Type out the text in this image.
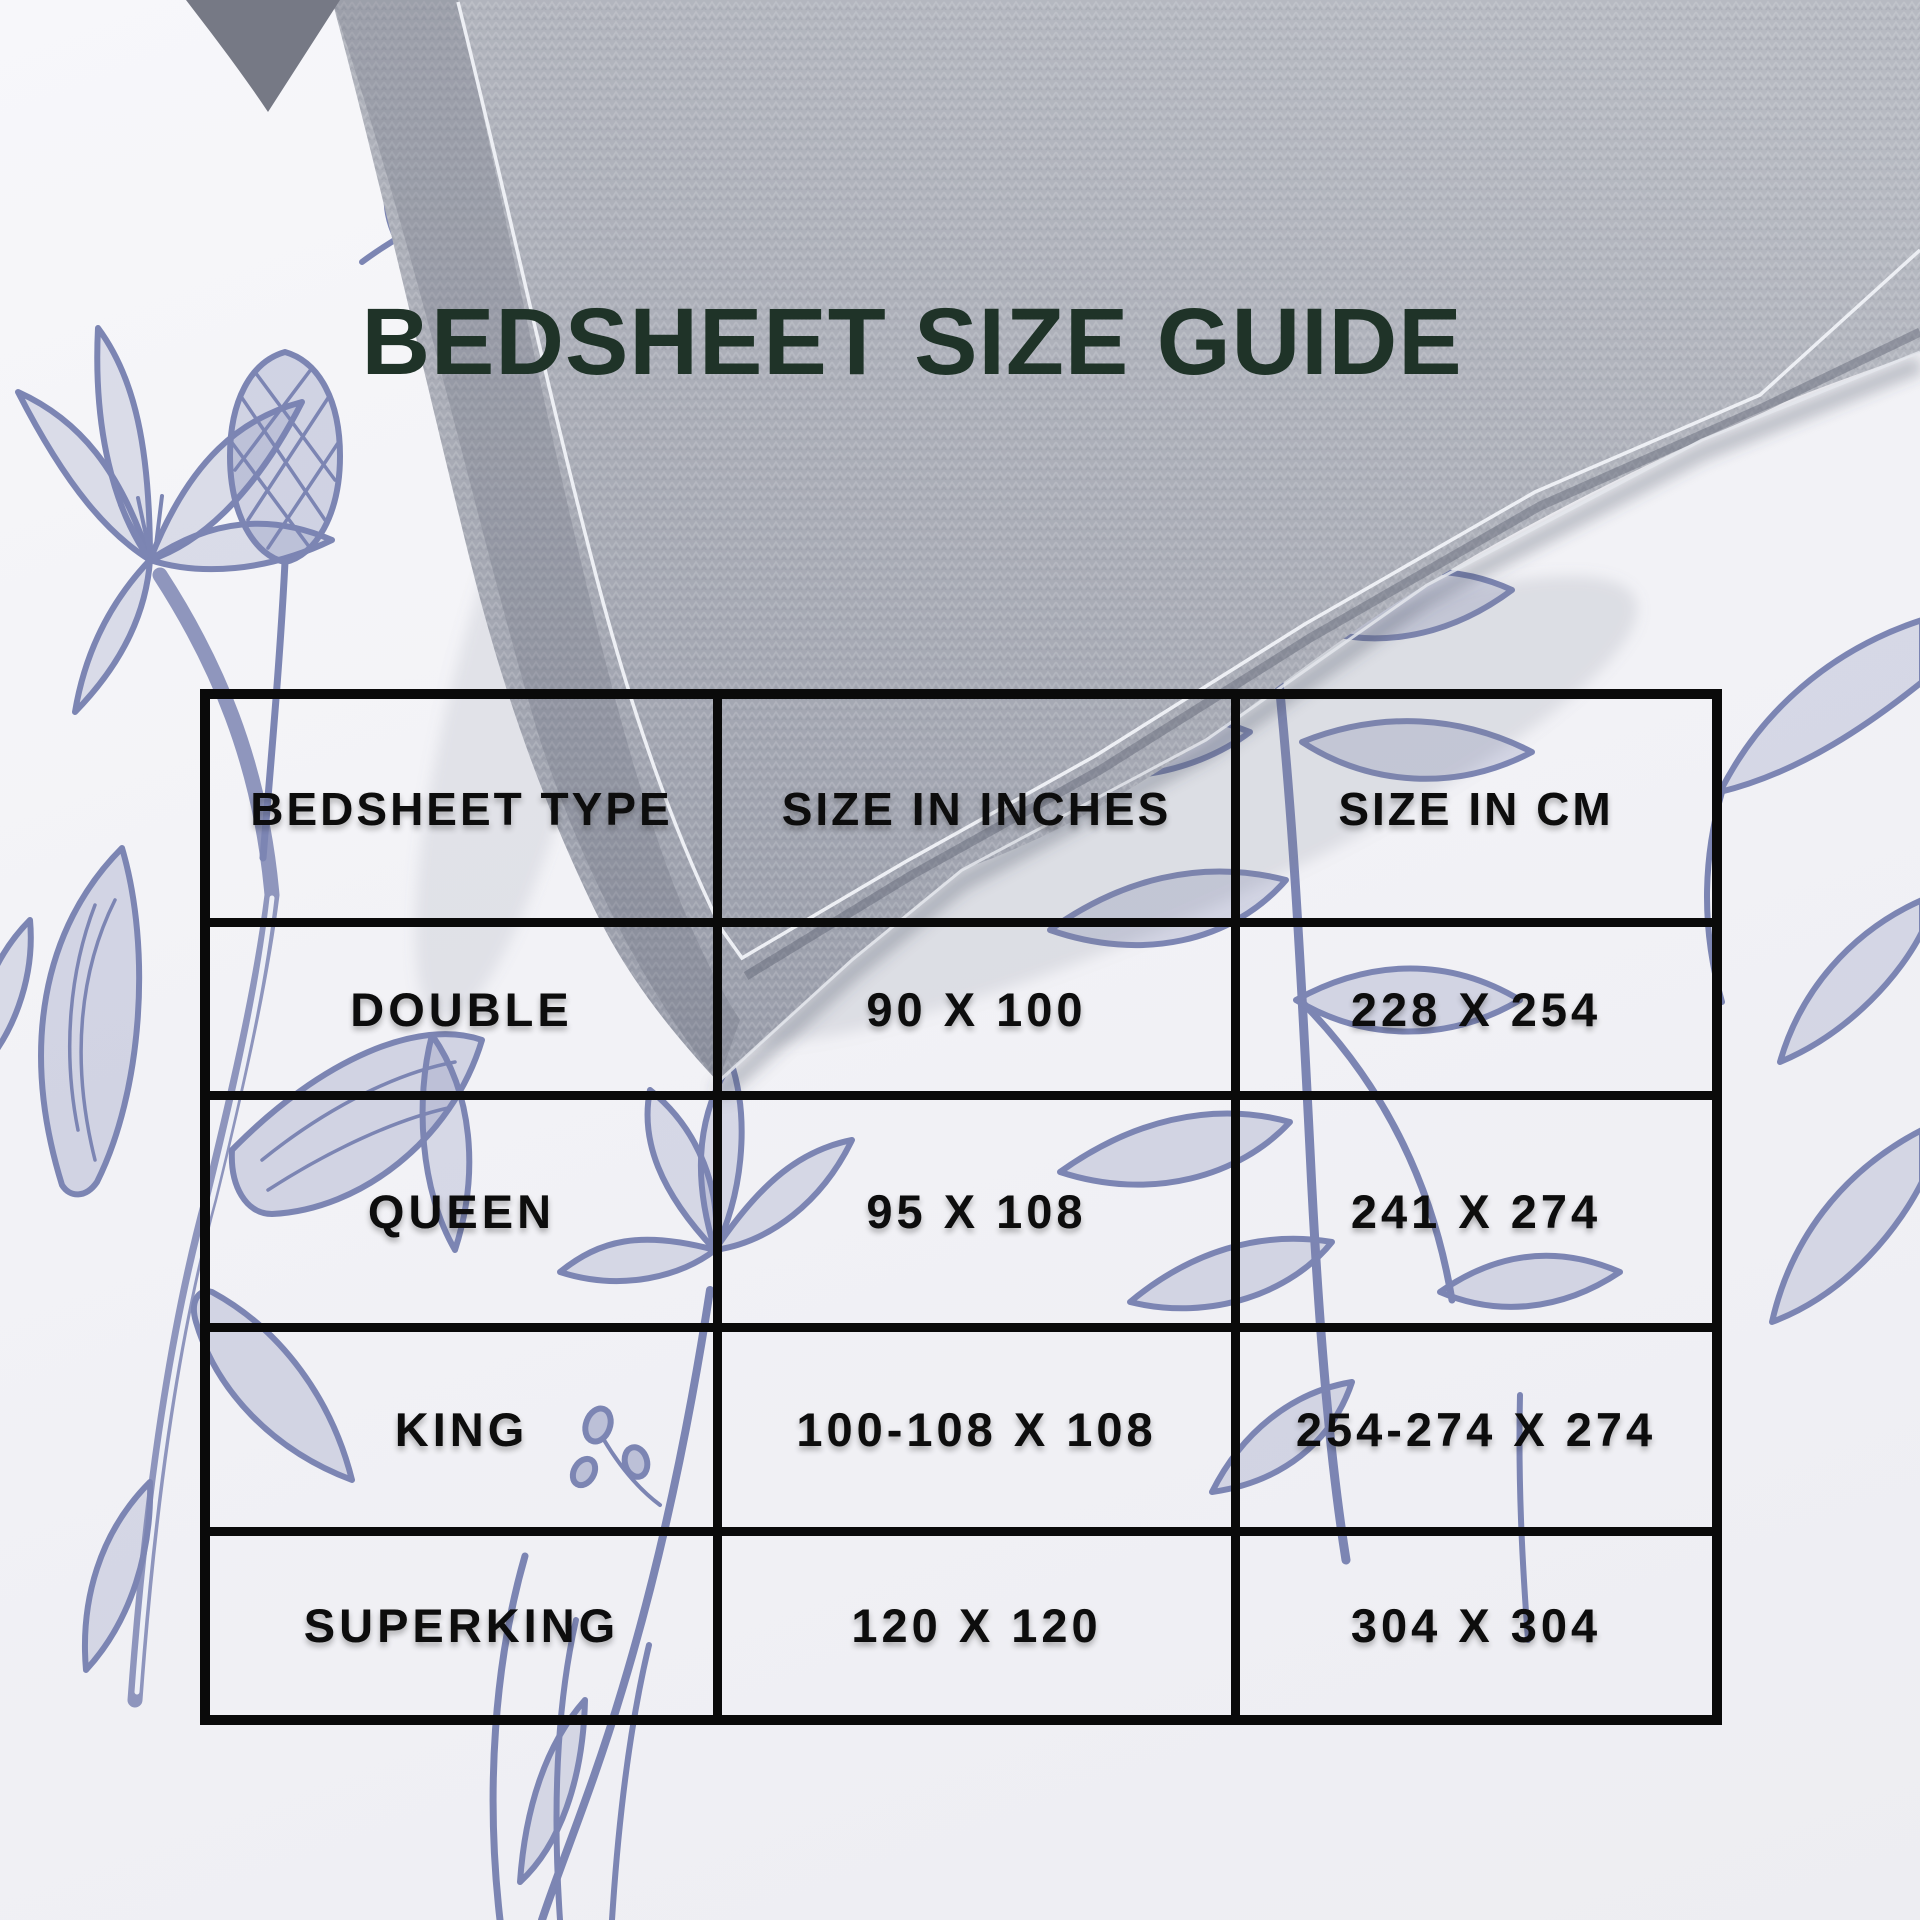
BEDSHEET SIZE GUIDE
BEDSHEET TYPE	SIZE IN INCHES	SIZE IN CM
DOUBLE	90 X 100	228 X 254
QUEEN	95 X 108	241 X 274
KING	100-108 X 108	254-274 X 274
SUPERKING	120 X 120	304 X 304
